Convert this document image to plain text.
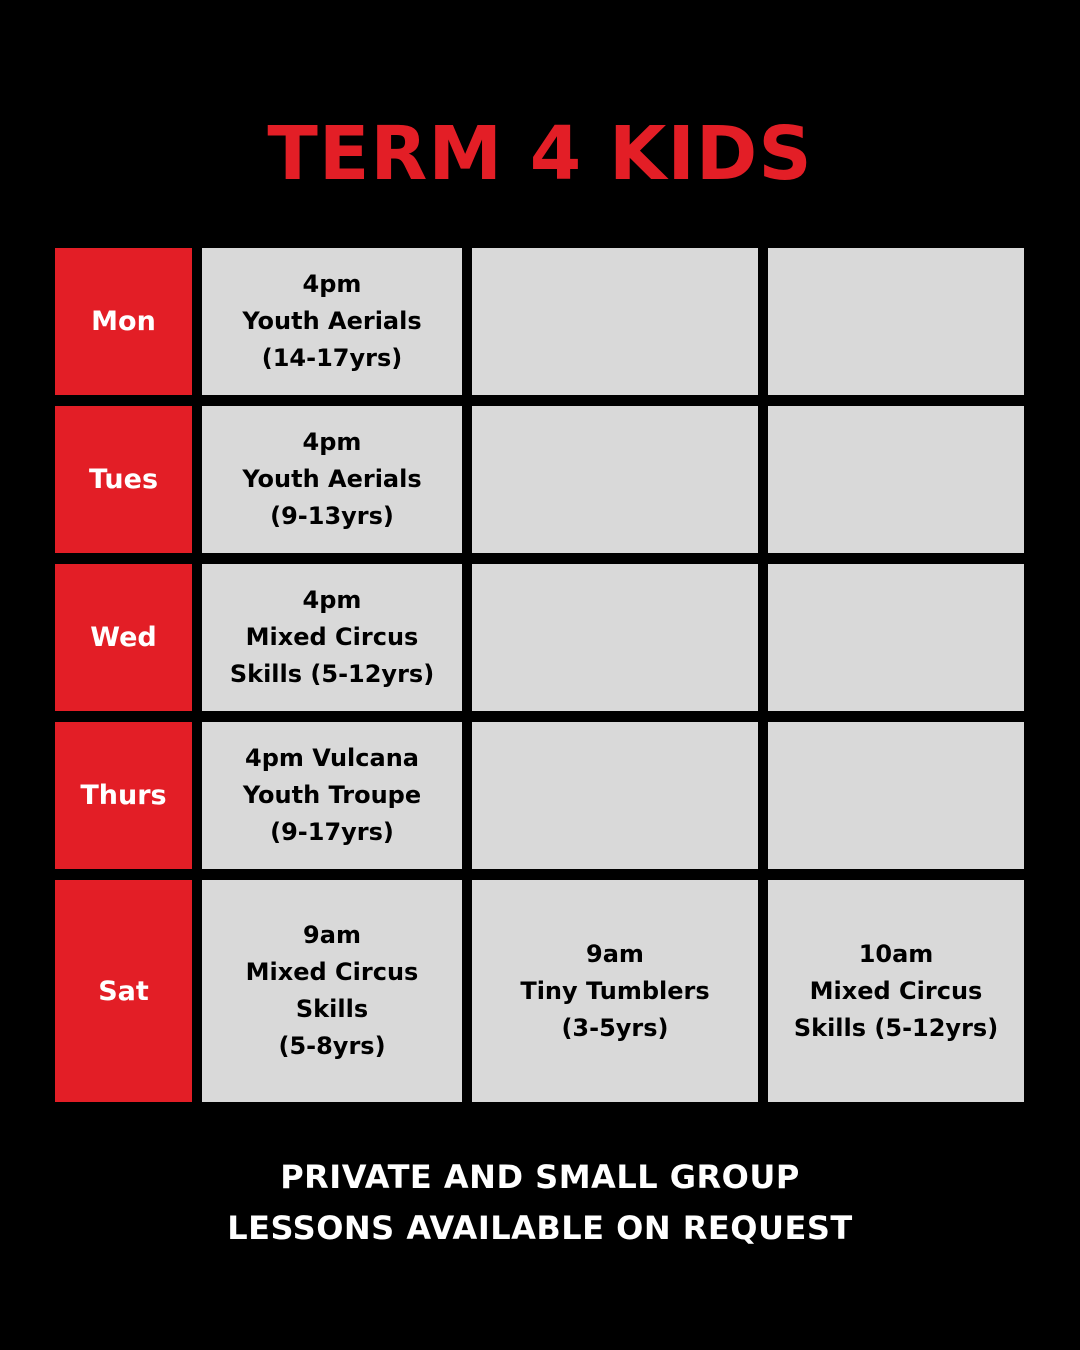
TERM 4 KIDS
Mon
4pm
Youth Aerials
(14-17yrs)
Tues
4pm
Youth Aerials
(9-13yrs)
Wed
4pm
Mixed Circus
Skills (5-12yrs)
Thurs
4pm Vulcana
Youth Troupe
(9-17yrs)
Sat
9am
Mixed Circus
Skills
(5-8yrs)
9am
Tiny Tumblers
(3-5yrs)
10am
Mixed Circus
Skills (5-12yrs)
PRIVATE AND SMALL GROUP
LESSONS AVAILABLE ON REQUEST
